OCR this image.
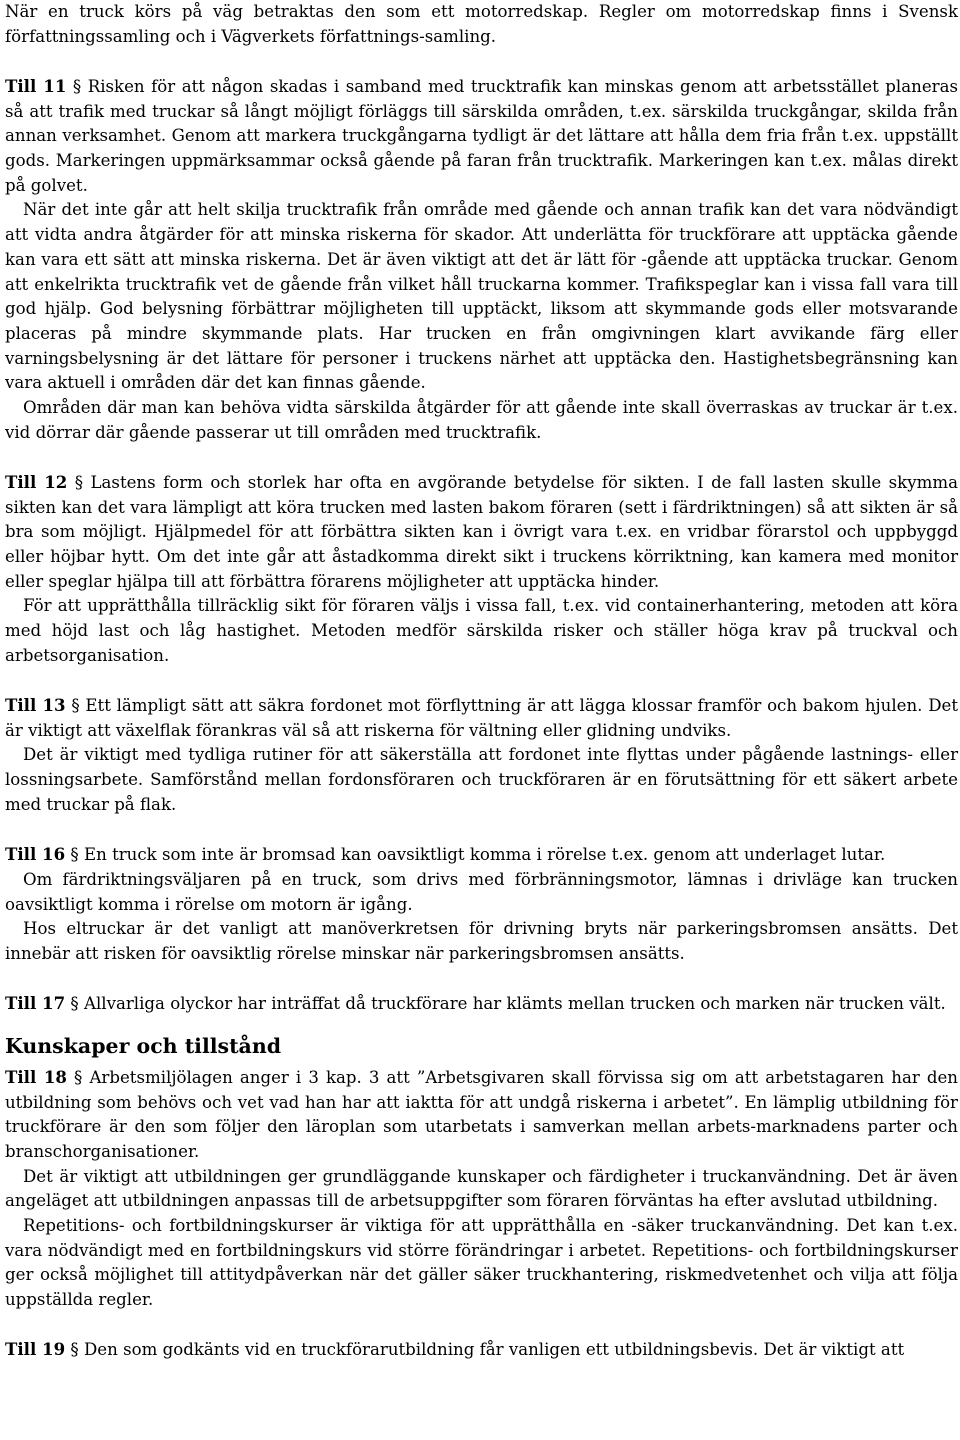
När en truck körs på väg betraktas den som ett motorredskap. Regler om motorredskap finns i Svensk författningssamling och i Vägverkets författnings-samling.

Till 11 § Risken för att någon skadas i samband med trucktrafik kan minskas genom att arbetsstället planeras så att trafik med truckar så långt möjligt förläggs till särskilda områden, t.ex. särskilda truckgångar, skilda från annan verksamhet. Genom att markera truckgångarna tydligt är det lättare att hålla dem fria från t.ex. uppställt gods. Markeringen uppmärksammar också gående på faran från trucktrafik. Markeringen kan t.ex. målas direkt på golvet.

När det inte går att helt skilja trucktrafik från område med gående och annan trafik kan det vara nödvändigt att vidta andra åtgärder för att minska riskerna för skador. Att underlätta för truckförare att upptäcka gående kan vara ett sätt att minska riskerna. Det är även viktigt att det är lätt för -gående att upptäcka truckar. Genom att enkelrikta trucktrafik vet de gående från vilket håll truckarna kommer. Trafikspeglar kan i vissa fall vara till god hjälp. God belysning förbättrar möjligheten till upptäckt, liksom att skymmande gods eller motsvarande placeras på mindre skymmande plats. Har trucken en från omgivningen klart avvikande färg eller varningsbelysning är det lättare för personer i truckens närhet att upptäcka den. Hastighetsbegränsning kan vara aktuell i områden där det kan finnas gående.

Områden där man kan behöva vidta särskilda åtgärder för att gående inte skall överraskas av truckar är t.ex. vid dörrar där gående passerar ut till områden med trucktrafik.

Till 12 § Lastens form och storlek har ofta en avgörande betydelse för sikten. I de fall lasten skulle skymma sikten kan det vara lämpligt att köra trucken med lasten bakom föraren (sett i färdriktningen) så att sikten är så bra som möjligt. Hjälpmedel för att förbättra sikten kan i övrigt vara t.ex. en vridbar förarstol och uppbyggd eller höjbar hytt. Om det inte går att åstadkomma direkt sikt i truckens körriktning, kan kamera med monitor eller speglar hjälpa till att förbättra förarens möjligheter att upptäcka hinder.

För att upprätthålla tillräcklig sikt för föraren väljs i vissa fall, t.ex. vid containerhantering, metoden att köra med höjd last och låg hastighet. Metoden medför särskilda risker och ställer höga krav på truckval och arbetsorganisation.

Till 13 § Ett lämpligt sätt att säkra fordonet mot förflyttning är att lägga klossar framför och bakom hjulen. Det är viktigt att växelflak förankras väl så att riskerna för vältning eller glidning undviks.

Det är viktigt med tydliga rutiner för att säkerställa att fordonet inte flyttas under pågående lastnings- eller lossningsarbete. Samförstånd mellan fordonsföraren och truckföraren är en förutsättning för ett säkert arbete med truckar på flak.

Till 16 § En truck som inte är bromsad kan oavsiktligt komma i rörelse t.ex. genom att underlaget lutar.

Om färdriktningsväljaren på en truck, som drivs med förbränningsmotor, lämnas i drivläge kan trucken oavsiktligt komma i rörelse om motorn är igång.

Hos eltruckar är det vanligt att manöverkretsen för drivning bryts när parkeringsbromsen ansätts. Det innebär att risken för oavsiktlig rörelse minskar när parkeringsbromsen ansätts.

Till 17 § Allvarliga olyckor har inträffat då truckförare har klämts mellan trucken och marken när trucken vält.

Kunskaper och tillstånd

Till 18 § Arbetsmiljölagen anger i 3 kap. 3 att ”Arbetsgivaren skall förvissa sig om att arbetstagaren har den utbildning som behövs och vet vad han har att iakttа för att undgå riskerna i arbetet”. En lämplig utbildning för truckförare är den som följer den läroplan som utarbetats i samverkan mellan arbets-marknadens parter och branschorganisationer.

Det är viktigt att utbildningen ger grundläggande kunskaper och färdigheter i truckanvändning. Det är även angeläget att utbildningen anpassas till de arbetsuppgifter som föraren förväntas ha efter avslutad utbildning.

Repetitions- och fortbildningskurser är viktiga för att upprätthålla en -säker truckanvändning. Det kan t.ex. vara nödvändigt med en fortbildningskurs vid större förändringar i arbetet. Repetitions- och fortbildningskurser ger också möjlighet till attitydpåverkan när det gäller säker truckhantering, riskmedvetenhet och vilja att följa uppställda regler.

Till 19 § Den som godkänts vid en truckförarutbildning får vanligen ett utbildningsbevis. Det är viktigt att
